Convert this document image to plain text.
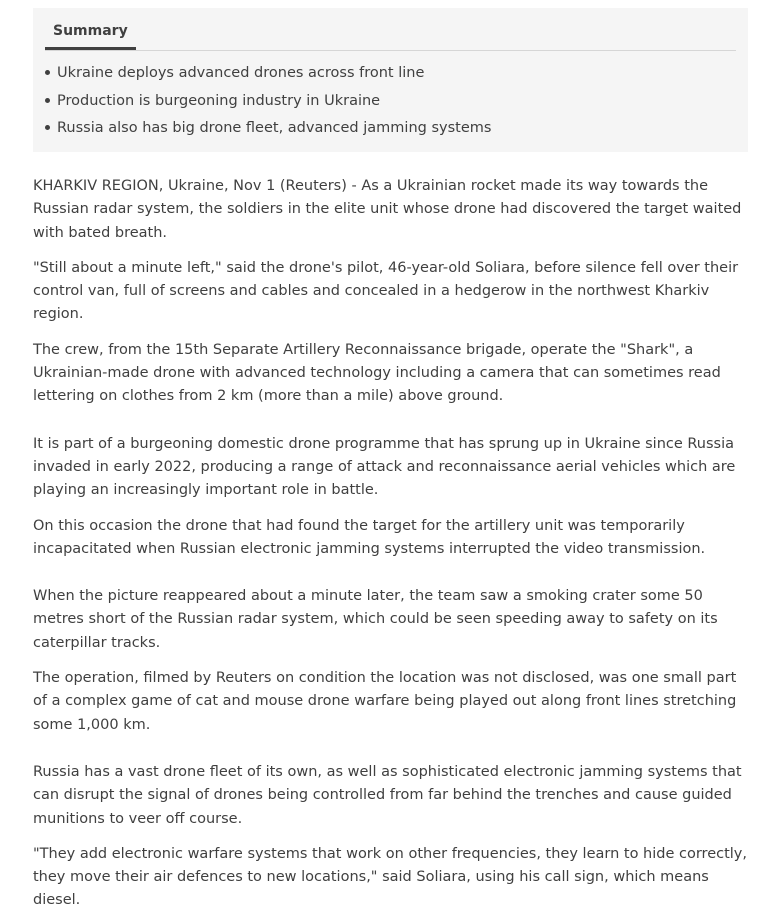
Summary
Ukraine deploys advanced drones across front line
Production is burgeoning industry in Ukraine
Russia also has big drone fleet, advanced jamming systems

KHARKIV REGION, Ukraine, Nov 1 (Reuters) - As a Ukrainian rocket made its way towards the Russian radar system, the soldiers in the elite unit whose drone had discovered the target waited with bated breath.

"Still about a minute left," said the drone's pilot, 46-year-old Soliara, before silence fell over their control van, full of screens and cables and concealed in a hedgerow in the northwest Kharkiv region.

The crew, from the 15th Separate Artillery Reconnaissance brigade, operate the "Shark", a Ukrainian-made drone with advanced technology including a camera that can sometimes read lettering on clothes from 2 km (more than a mile) above ground.

It is part of a burgeoning domestic drone programme that has sprung up in Ukraine since Russia invaded in early 2022, producing a range of attack and reconnaissance aerial vehicles which are playing an increasingly important role in battle.

On this occasion the drone that had found the target for the artillery unit was temporarily incapacitated when Russian electronic jamming systems interrupted the video transmission.

When the picture reappeared about a minute later, the team saw a smoking crater some 50 metres short of the Russian radar system, which could be seen speeding away to safety on its caterpillar tracks.

The operation, filmed by Reuters on condition the location was not disclosed, was one small part of a complex game of cat and mouse drone warfare being played out along front lines stretching some 1,000 km.

Russia has a vast drone fleet of its own, as well as sophisticated electronic jamming systems that can disrupt the signal of drones being controlled from far behind the trenches and cause guided munitions to veer off course.

"They add electronic warfare systems that work on other frequencies, they learn to hide correctly, they move their air defences to new locations," said Soliara, using his call sign, which means diesel.
